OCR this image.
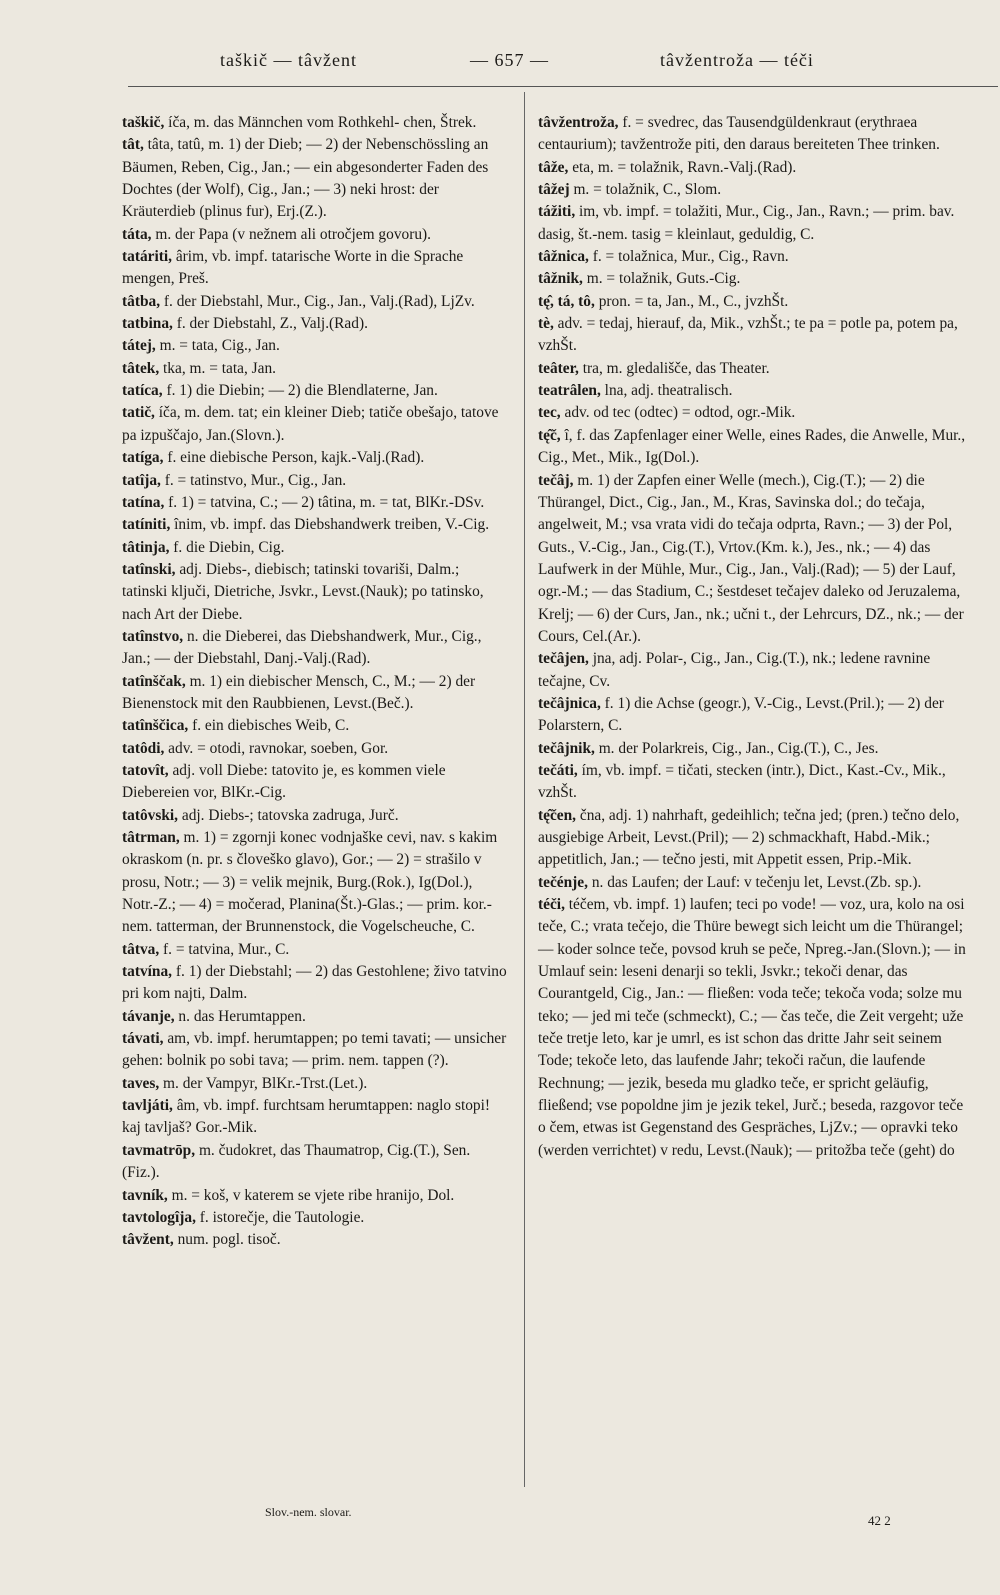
taškič — tâvžent	— 657 —	tâvžentroža — téči

taškič, íča, m. das Männchen vom Rothkehl- chen, Štrek.

tât, tâta, tatû, m. 1) der Dieb; — 2) der Nebenschössling an Bäumen, Reben, Cig., Jan.; — ein abgesonderter Faden des Dochtes (der Wolf), Cig., Jan.; — 3) neki hrost: der Kräuterdieb (plinus fur), Erj.(Z.).

táta, m. der Papa (v nežnem ali otročjem govoru).

tatáriti, ârim, vb. impf. tatarische Worte in die Sprache mengen, Preš.

tâtba, f. der Diebstahl, Mur., Cig., Jan., Valj.(Rad), LjZv.

tatbina, f. der Diebstahl, Z., Valj.(Rad).

tátej, m. = tata, Cig., Jan.

tâtek, tka, m. = tata, Jan.

tatíca, f. 1) die Diebin; — 2) die Blendlaterne, Jan.

tatič, íča, m. dem. tat; ein kleiner Dieb; tatiče obešajo, tatove pa izpuščajo, Jan.(Slovn.).

tatíga, f. eine diebische Person, kajk.-Valj.(Rad).

tatîja, f. = tatinstvo, Mur., Cig., Jan.

tatína, f. 1) = tatvina, C.; — 2) tâtina, m. = tat, BlKr.-DSv.

tatíniti, înim, vb. impf. das Diebshandwerk treiben, V.-Cig.

tâtinja, f. die Diebin, Cig.

tatînski, adj. Diebs-, diebisch; tatinski tovariši, Dalm.; tatinski ključi, Dietriche, Jsvkr., Levst.(Nauk); po tatinsko, nach Art der Diebe.

tatînstvo, n. die Dieberei, das Diebshandwerk, Mur., Cig., Jan.; — der Diebstahl, Danj.-Valj.(Rad).

tatînščak, m. 1) ein diebischer Mensch, C., M.; — 2) der Bienenstock mit den Raubbienen, Levst.(Beč.).

tatînščica, f. ein diebisches Weib, C.

tatôdi, adv. = otodi, ravnokar, soeben, Gor.

tatovît, adj. voll Diebe: tatovito je, es kommen viele Diebereien vor, BlKr.-Cig.

tatôvski, adj. Diebs-; tatovska zadruga, Jurč.

tâtrman, m. 1) = zgornji konec vodnjaške cevi, nav. s kakim okraskom (n. pr. s človeško glavo), Gor.; — 2) = strašilo v prosu, Notr.; — 3) = velik mejnik, Burg.(Rok.), Ig(Dol.), Notr.-Z.; — 4) = močerad, Planina(Št.)-Glas.; — prim. kor.-nem. tatterman, der Brunnenstock, die Vogelscheuche, C.

tâtva, f. = tatvina, Mur., C.

tatvína, f. 1) der Diebstahl; — 2) das Gestohlene; živo tatvino pri kom najti, Dalm.

távanje, n. das Herumtappen.

távati, am, vb. impf. herumtappen; po temi tavati; — unsicher gehen: bolnik po sobi tava; — prim. nem. tappen (?).

taves, m. der Vampyr, BlKr.-Trst.(Let.).

tavljáti, âm, vb. impf. furchtsam herumtappen: naglo stopi! kaj tavljaš? Gor.-Mik.

tavmatrōp, m. čudokret, das Thaumatrop, Cig.(T.), Sen.(Fiz.).

tavník, m. = koš, v katerem se vjete ribe hranijo, Dol.

tavtologîja, f. istorečje, die Tautologie.

tâvžent, num. pogl. tisoč.

tâvžentroža, f. = svedrec, das Tausendgüldenkraut (erythraea centaurium); tavžentrože piti, den daraus bereiteten Thee trinken.

tâže, eta, m. = tolažnik, Ravn.-Valj.(Rad).

tâžej m. = tolažnik, C., Slom.

tážiti, im, vb. impf. = tolažiti, Mur., Cig., Jan., Ravn.; — prim. bav. dasig, št.-nem. tasig = kleinlaut, geduldig, C.

tâžnica, f. = tolažnica, Mur., Cig., Ravn.

tâžnik, m. = tolažnik, Guts.-Cig.

tę̂, tá, tô, pron. = ta, Jan., M., C., jvzhŠt.

tè, adv. = tedaj, hierauf, da, Mik., vzhŠt.; te pa = potle pa, potem pa, vzhŠt.

teâter, tra, m. gledališče, das Theater.

teatrâlen, lna, adj. theatralisch.

tec, adv. od tec (odtec) = odtod, ogr.-Mik.

tę̂č, î, f. das Zapfenlager einer Welle, eines Rades, die Anwelle, Mur., Cig., Met., Mik., Ig(Dol.).

tečâj, m. 1) der Zapfen einer Welle (mech.), Cig.(T.); — 2) die Thürangel, Dict., Cig., Jan., M., Kras, Savinska dol.; do tečaja, angelweit, M.; vsa vrata vidi do tečaja odprta, Ravn.; — 3) der Pol, Guts., V.-Cig., Jan., Cig.(T.), Vrtov.(Km. k.), Jes., nk.; — 4) das Laufwerk in der Mühle, Mur., Cig., Jan., Valj.(Rad); — 5) der Lauf, ogr.-M.; — das Stadium, C.; šestdeset tečajev daleko od Jeruzalema, Krelj; — 6) der Curs, Jan., nk.; učni t., der Lehrcurs, DZ., nk.; — der Cours, Cel.(Ar.).

tečâjen, jna, adj. Polar-, Cig., Jan., Cig.(T.), nk.; ledene ravnine tečajne, Cv.

tečâjnica, f. 1) die Achse (geogr.), V.-Cig., Levst.(Pril.); — 2) der Polarstern, C.

tečâjnik, m. der Polarkreis, Cig., Jan., Cig.(T.), C., Jes.

tečáti, ím, vb. impf. = tičati, stecken (intr.), Dict., Kast.-Cv., Mik., vzhŠt.

tę̂čen, čna, adj. 1) nahrhaft, gedeihlich; tečna jed; (pren.) tečno delo, ausgiebige Arbeit, Levst.(Pril); — 2) schmackhaft, Habd.-Mik.; appetitlich, Jan.; — tečno jesti, mit Appetit essen, Prip.-Mik.

tečénje, n. das Laufen; der Lauf: v tečenju let, Levst.(Zb. sp.).

téči, téčem, vb. impf. 1) laufen; teci po vode! — voz, ura, kolo na osi teče, C.; vrata tečejo, die Thüre bewegt sich leicht um die Thürangel; — koder solnce teče, povsod kruh se peče, Npreg.-Jan.(Slovn.); — in Umlauf sein: leseni denarji so tekli, Jsvkr.; tekoči denar, das Courantgeld, Cig., Jan.: — fließen: voda teče; tekoča voda; solze mu teko; — jed mi teče (schmeckt), C.; — čas teče, die Zeit vergeht; uže teče tretje leto, kar je umrl, es ist schon das dritte Jahr seit seinem Tode; tekoče leto, das laufende Jahr; tekoči račun, die laufende Rechnung; — jezik, beseda mu gladko teče, er spricht geläufig, fließend; vse popoldne jim je jezik tekel, Jurč.; beseda, razgovor teče o čem, etwas ist Gegenstand des Gespräches, LjZv.; — opravki teko (werden verrichtet) v redu, Levst.(Nauk); — pritožba teče (geht) do

Slov.-nem. slovar.
42 2
